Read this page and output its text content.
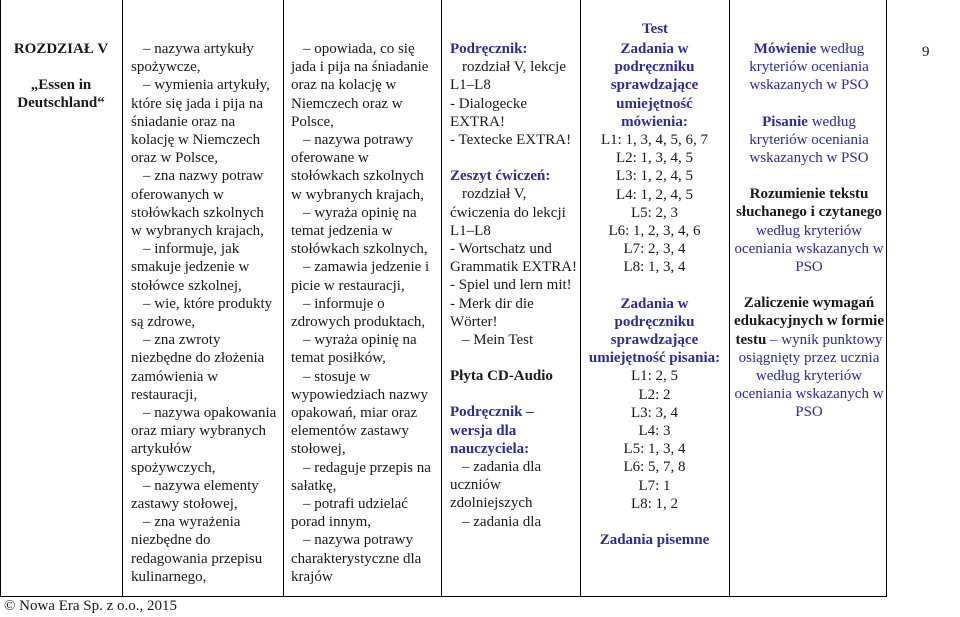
Test

ROZDZIAŁ V

„Essen in Deutschland“

– nazywa artykuły spożywcze,

– wymienia artykuły, które się jada i pija na śniadanie oraz na kolację w Niemczech oraz w Polsce,

– zna nazwy potraw oferowanych w stołówkach szkolnych w wybranych krajach,

– informuje, jak smakuje jedzenie w stołówce szkolnej,

– wie, które produkty są zdrowe,

– zna zwroty niezbędne do złożenia zamówienia w restauracji,

– nazywa opakowania oraz miary wybranych artykułów spożywczych,

– nazywa elementy zastawy stołowej,

– zna wyrażenia niezbędne do redagowania przepisu kulinarnego,

– opowiada, co się jada i pija na śniadanie oraz na kolację w Niemczech oraz w Polsce,

– nazywa potrawy oferowane w stołówkach szkolnych w wybranych krajach,

– wyraża opinię na temat jedzenia w stołówkach szkolnych,

– zamawia jedzenie i picie w restauracji,

– informuje o zdrowych produktach,

– wyraża opinię na temat posiłków,

– stosuje w wypowiedziach nazwy opakowań, miar oraz elementów zastawy stołowej,

– redaguje przepis na sałatkę,

– potrafi udzielać porad innym,

– nazywa potrawy charakterystyczne dla krajów

Podręcznik:

rozdział V, lekcje L1–L8

- Dialogecke EXTRA!

- Textecke EXTRA!

Zeszyt ćwiczeń:

rozdział V, ćwiczenia do lekcji L1–L8

- Wortschatz und Grammatik EXTRA!

- Spiel und lern mit!

- Merk dir die Wörter!

– Mein Test

Płyta CD-Audio

Podręcznik – wersja dla nauczyciela:

– zadania dla uczniów zdolniejszych

– zadania dla

Zadania w podręczniku sprawdzające umiejętność mówienia:

L1: 1, 3, 4, 5, 6, 7

L2: 1, 3, 4, 5

L3: 1, 2, 4, 5

L4: 1, 2, 4, 5

L5: 2, 3

L6: 1, 2, 3, 4, 6

L7: 2, 3, 4

L8: 1, 3, 4

Zadania w podręczniku sprawdzające umiejętność pisania:

L1: 2, 5

L2: 2

L3: 3, 4

L4: 3

L5: 1, 3, 4

L6: 5, 7, 8

L7: 1

L8: 1, 2

Zadania pisemne

Mówienie według kryteriów oceniania wskazanych w PSO

Pisanie według kryteriów oceniania wskazanych w PSO

Rozumienie tekstu słuchanego i czytanego według kryteriów oceniania wskazanych w PSO

Zaliczenie wymagań edukacyjnych w formie testu – wynik punktowy osiągnięty przez ucznia według kryteriów oceniania wskazanych w PSO

9
© Nowa Era Sp. z o.o., 2015
